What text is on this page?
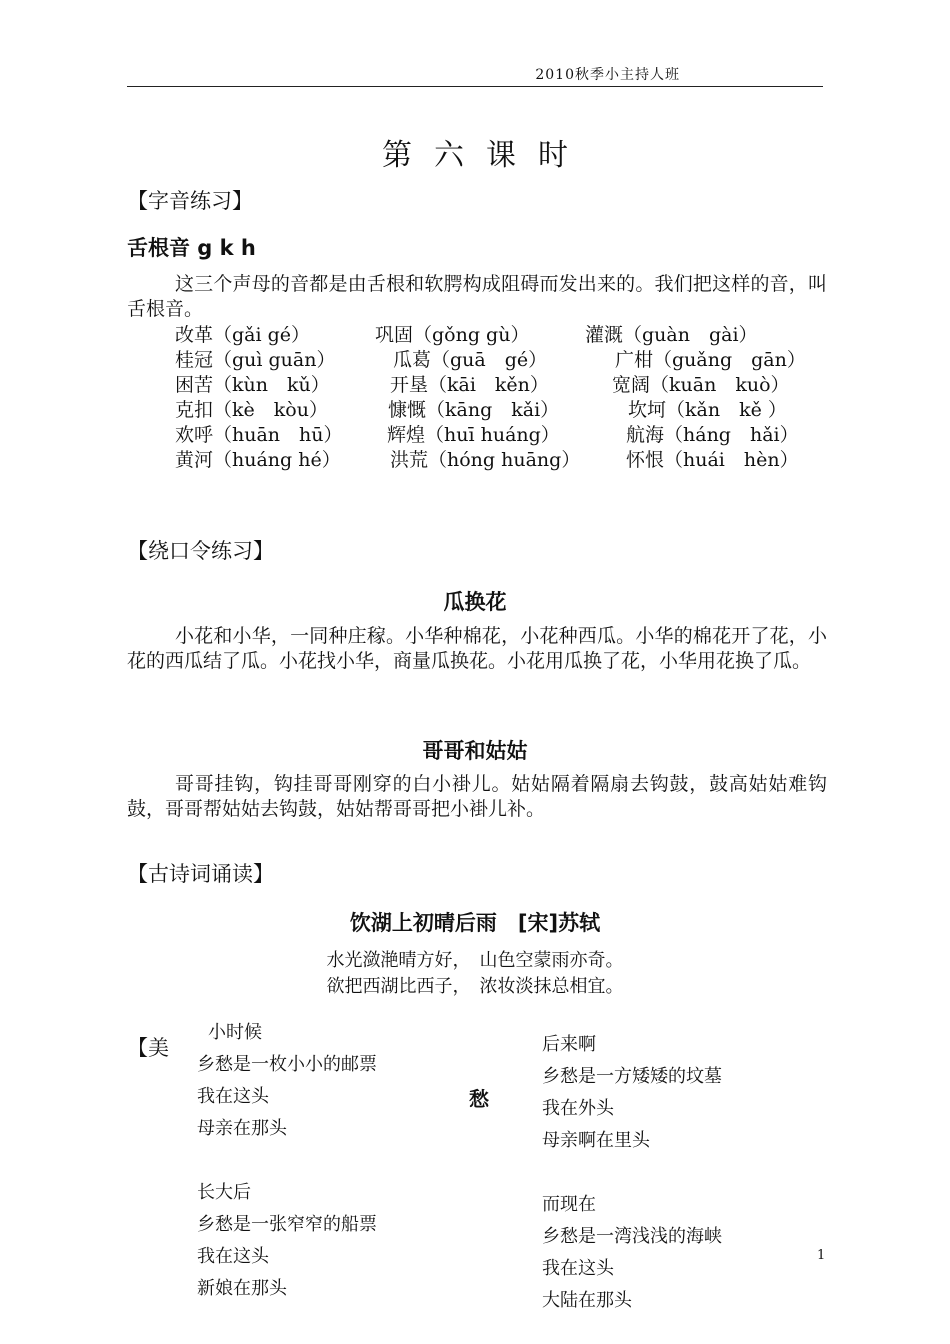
2010秋季小主持人班
第六课时
【字音练习】
舌根音 g k h
这三个声母的音都是由舌根和软腭构成阻碍而发出来的。我们把这样的音，叫舌根音。
改革（gǎi gé）	巩固（gǒng gù）	灌溉（guàn　gài）
桂冠（guì guān）	瓜葛（guā　gé）	广柑（guǎng　gān）
困苦（kùn　kǔ）	开垦（kāi　kěn）	宽阔（kuān　kuò）
克扣（kè　kòu）	慷慨（kāng　kǎi）	坎坷（kǎn　kě ）
欢呼（huān　hū）	辉煌（huī huáng）	航海（háng　hǎi）
黄河（huáng hé）	洪荒（hóng huāng）	怀恨（huái　hèn）
【绕口令练习】
瓜换花
小花和小华，一同种庄稼。小华种棉花，小花种西瓜。小华的棉花开了花，小花的西瓜结了瓜。小花找小华，商量瓜换花。小花用瓜换了花，小华用花换了瓜。
哥哥和姑姑
哥哥挂钩，钩挂哥哥刚穿的白小褂儿。姑姑隔着隔扇去钩鼓，鼓高姑姑难钩鼓，哥哥帮姑姑去钩鼓，姑姑帮哥哥把小褂儿补。
【古诗词诵读】
饮湖上初晴后雨　[宋]苏轼
水光潋滟晴方好，　山色空蒙雨亦奇。
欲把西湖比西子，　浓妆淡抹总相宜。
【美
小时候
乡愁是一枚小小的邮票
我在这头
母亲在那头
愁
后来啊
乡愁是一方矮矮的坟墓
我在外头
母亲啊在里头
长大后
乡愁是一张窄窄的船票
我在这头
新娘在那头
而现在
乡愁是一湾浅浅的海峡
我在这头
大陆在那头
1
